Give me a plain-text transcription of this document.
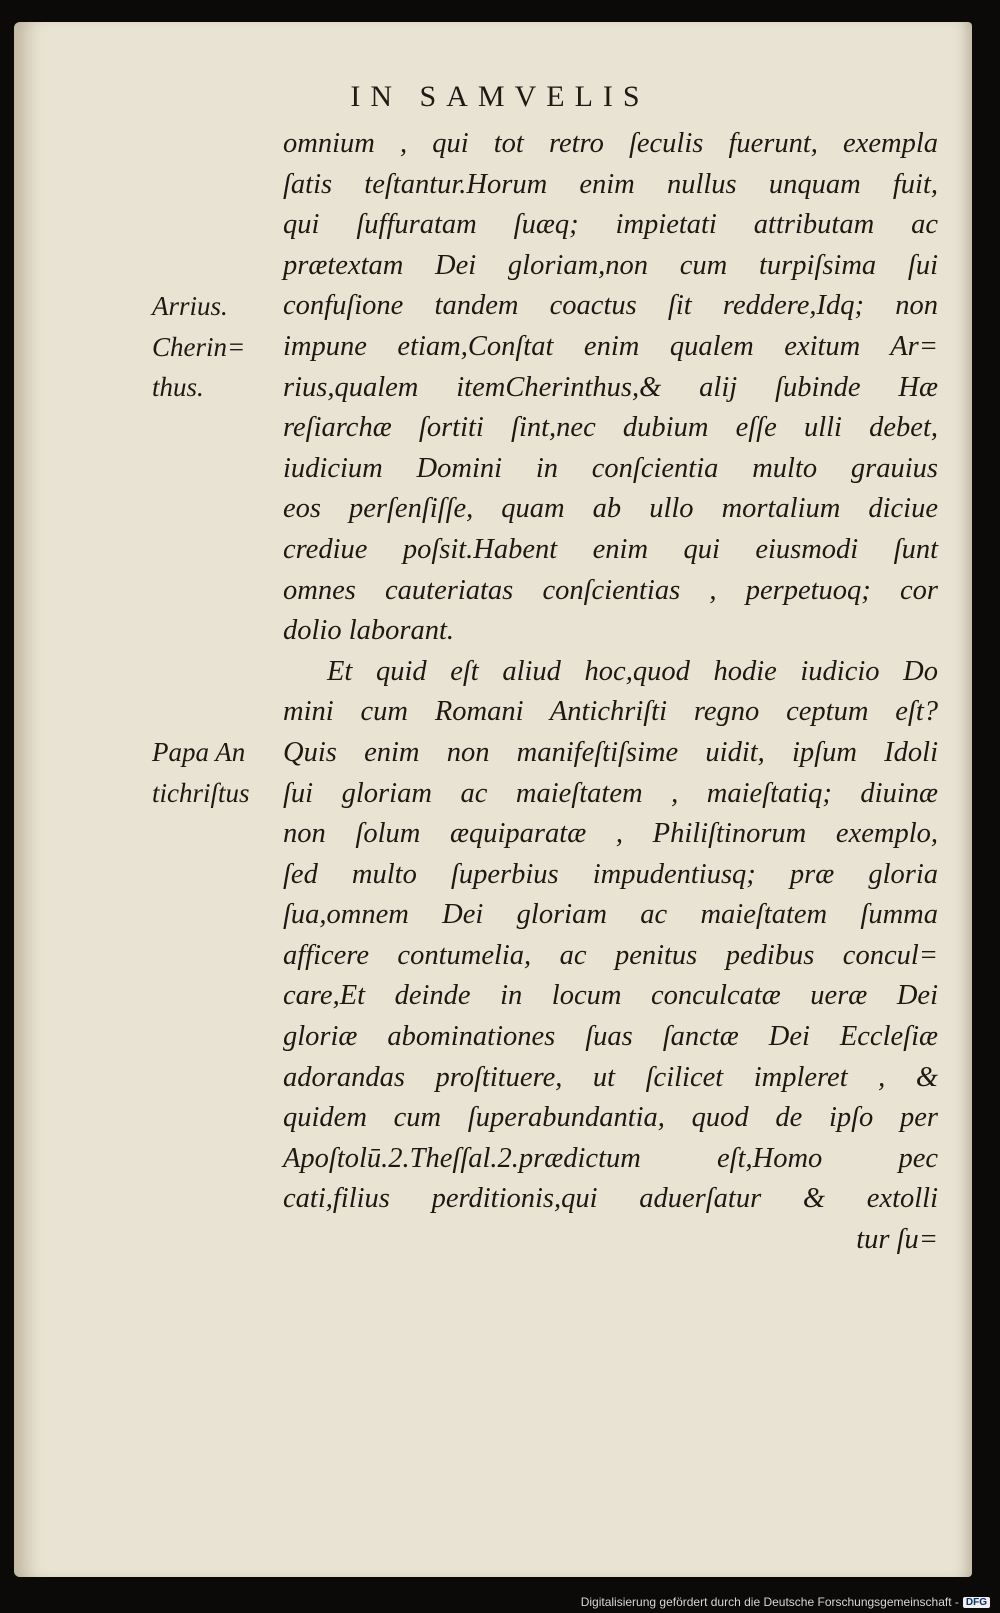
IN SAMVELIS
omnium , qui tot retro ſeculis fuerunt, exempla
ſatis teſtantur.Horum enim nullus unquam fuit,
qui ſuffuratam ſuæq; impietati attributam ac
prætextam Dei gloriam,non cum turpiſsima ſui
confuſione tandem coactus ſit reddere,Idq; non
impune etiam,Conſtat enim qualem exitum Ar=
rius,qualem itemCherinthus,& alij ſubinde Hæ
reſiarchæ ſortiti ſint,nec dubium eſſe ulli debet,
iudicium Domini in conſcientia multo grauius
eos perſenſiſſe, quam ab ullo mortalium diciue
crediue poſsit.Habent enim qui eiusmodi ſunt
omnes cauteriatas conſcientias , perpetuoq; cor
dolio laborant.
Et quid eſt aliud hoc,quod hodie iudicio Do
mini cum Romani Antichriſti regno ceptum eſt?
Quis enim non manifeſtiſsime uidit, ipſum Idoli
ſui gloriam ac maieſtatem , maieſtatiq; diuinæ
non ſolum æquiparatæ , Philiſtinorum exemplo,
ſed multo ſuperbius impudentiusq; præ gloria
ſua,omnem Dei gloriam ac maieſtatem ſumma
afficere contumelia, ac penitus pedibus concul=
care,Et deinde in locum conculcatæ ueræ Dei
gloriæ abominationes ſuas ſanctæ Dei Eccleſiæ
adorandas proſtituere, ut ſcilicet impleret , &
quidem cum ſuperabundantia, quod de ipſo per
Apoſtolū.2.Theſſal.2.prædictum eſt,Homo pec
cati,filius perditionis,qui aduerſatur & extolli
tur ſu=
Arrius.
Cherin=
thus.
Papa An
tichriſtus
Digitalisierung gefördert durch die Deutsche Forschungsgemeinschaft - DFG
